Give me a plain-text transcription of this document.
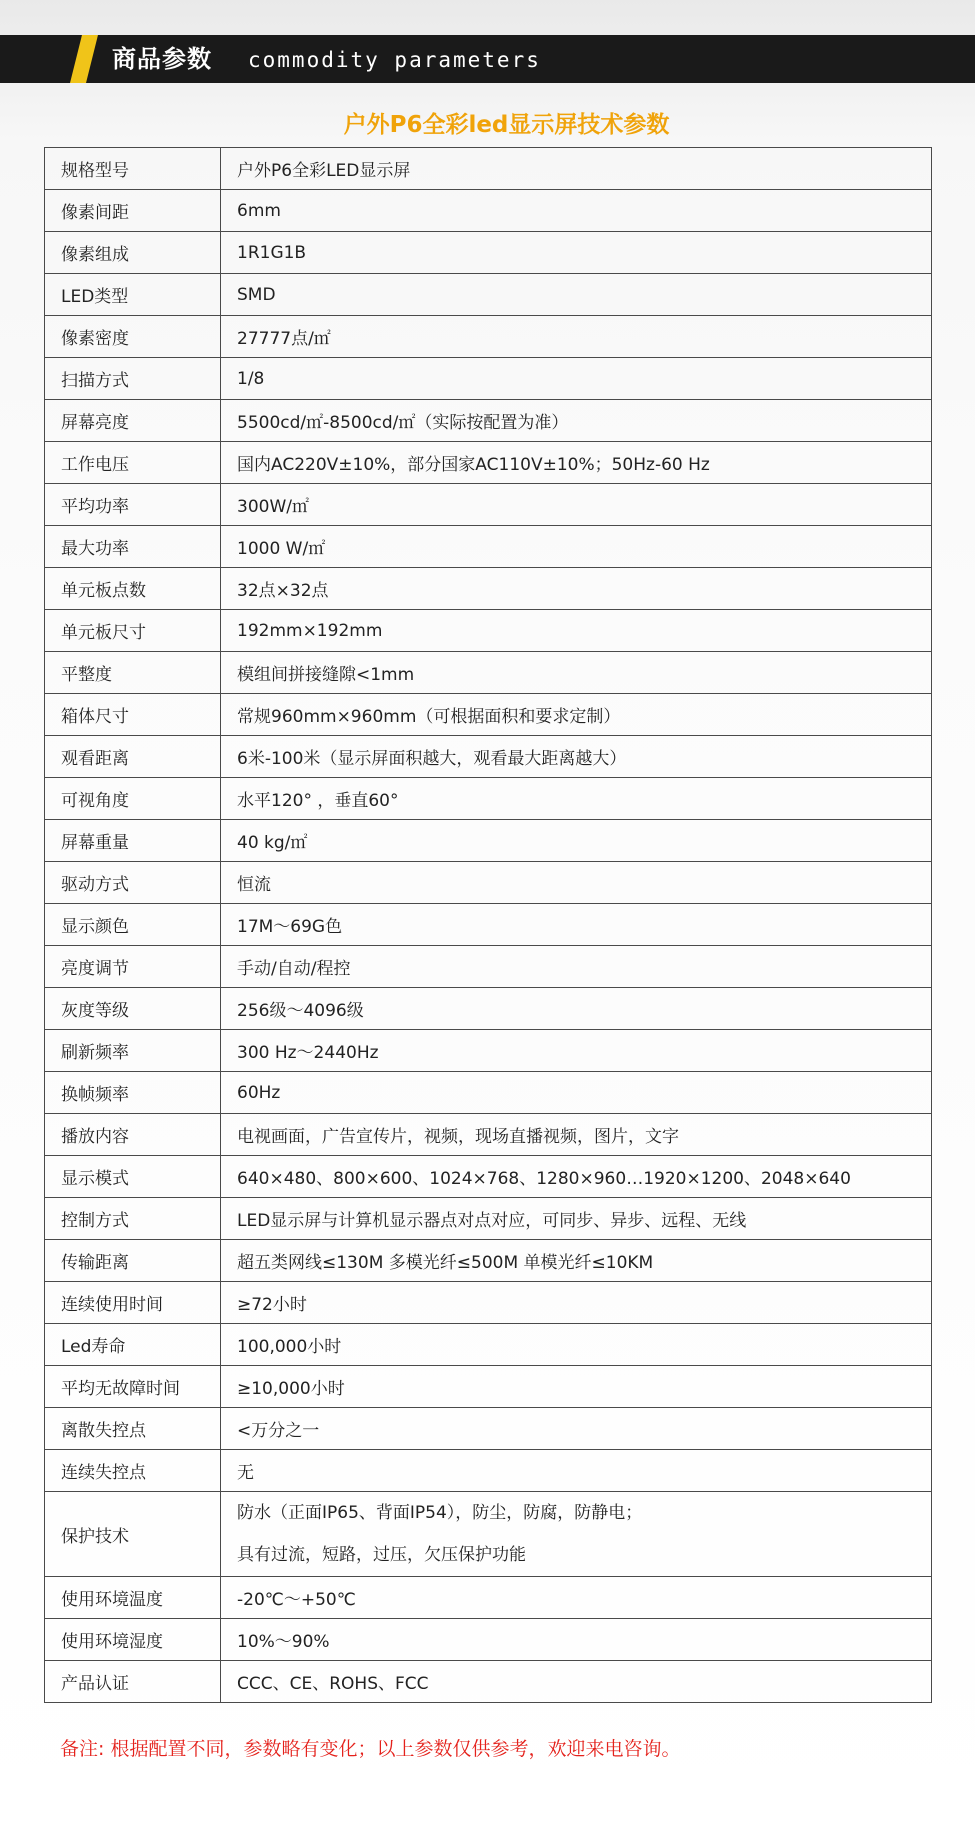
商品参数 commodity parameters
户外P6全彩led显示屏技术参数
规格型号	户外P6全彩LED显示屏
像素间距	6mm
像素组成	1R1G1B
LED类型	SMD
像素密度	27777点/㎡
扫描方式	1/8
屏幕亮度	5500cd/㎡-8500cd/㎡（实际按配置为准）
工作电压	国内AC220V±10%，部分国家AC110V±10%；50Hz-60 Hz
平均功率	300W/㎡
最大功率	1000 W/㎡
单元板点数	32点×32点
单元板尺寸	192mm×192mm
平整度	模组间拼接缝隙<1mm
箱体尺寸	常规960mm×960mm（可根据面积和要求定制）
观看距离	6米-100米（显示屏面积越大，观看最大距离越大）
可视角度	水平120° ，垂直60°
屏幕重量	40 kg/㎡
驱动方式	恒流
显示颜色	17M～69G色
亮度调节	手动/自动/程控
灰度等级	256级～4096级
刷新频率	300 Hz～2440Hz
换帧频率	60Hz
播放内容	电视画面，广告宣传片，视频，现场直播视频，图片，文字
显示模式	640×480、800×600、1024×768、1280×960…1920×1200、2048×640
控制方式	LED显示屏与计算机显示器点对点对应，可同步、异步、远程、无线
传输距离	超五类网线≤130M 多模光纤≤500M 单模光纤≤10KM
连续使用时间	≥72小时
Led寿命	100,000小时
平均无故障时间	≥10,000小时
离散失控点	<万分之一
连续失控点	无
保护技术	防水（正面IP65、背面IP54），防尘，防腐，防静电；
具有过流，短路，过压，欠压保护功能

使用环境温度	-20℃～+50℃
使用环境湿度	10%～90%
产品认证	CCC、CE、ROHS、FCC
备注: 根据配置不同，参数略有变化；以上参数仅供参考，欢迎来电咨询。
